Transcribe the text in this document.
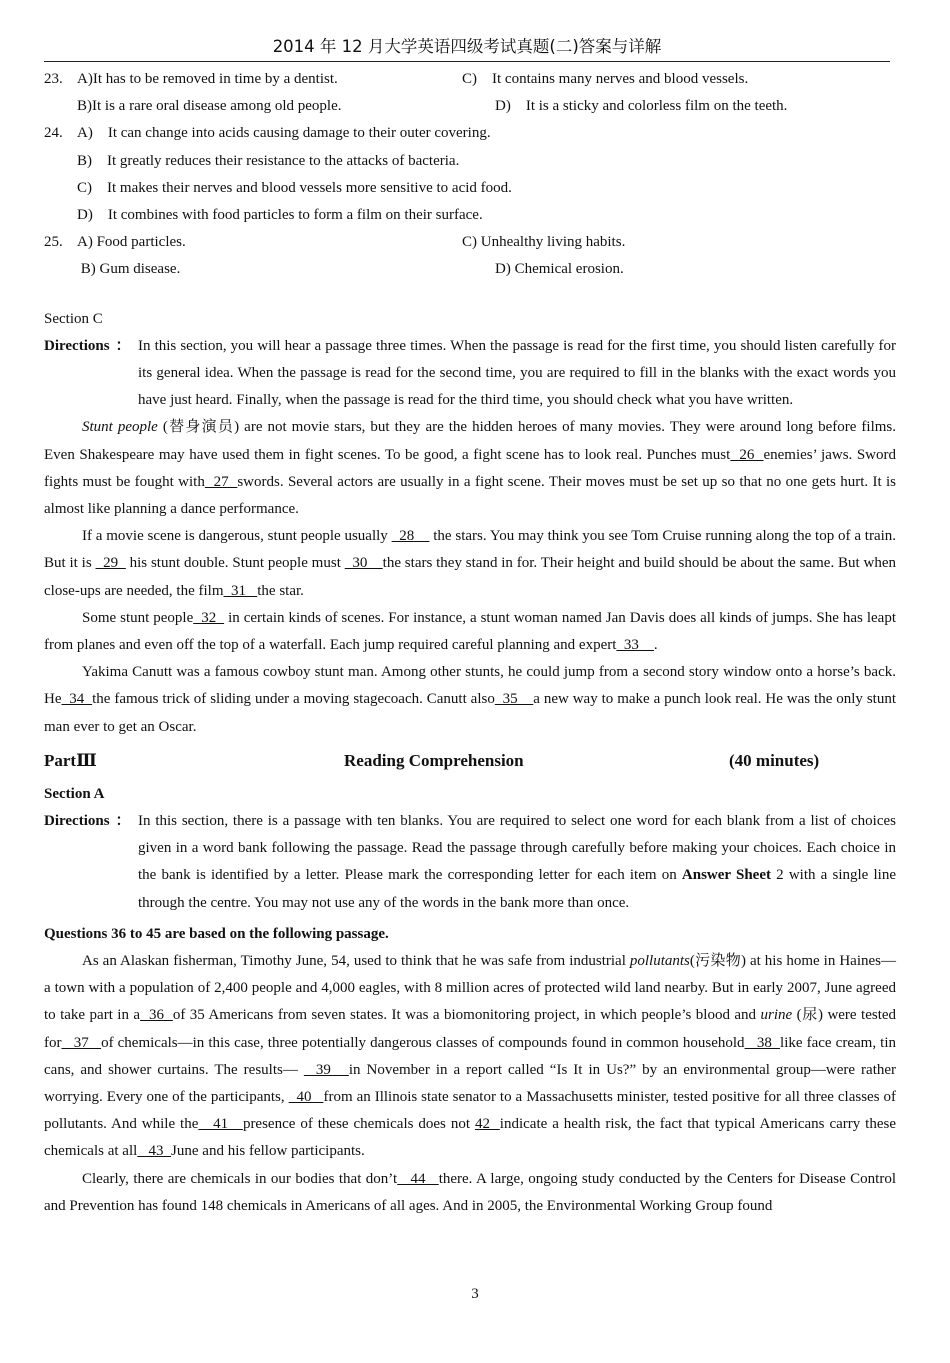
2014 年 12 月大学英语四级考试真题(二)答案与详解
23. A)It has to be removed in time by a dentist.	C)    It contains many nerves and blood vessels.
B)It is a rare oral disease among old people.	D)    It is a sticky and colorless film on the teeth.
24. A)    It can change into acids causing damage to their outer covering.
B)    It greatly reduces their resistance to the attacks of bacteria.
C)    It makes their nerves and blood vessels more sensitive to acid food.
D)    It combines with food particles to form a film on their surface.
25. A) Food particles.	C) Unhealthy living habits.
B) Gum disease.	D) Chemical erosion.
Section C
Directions ： In this section, you will hear a passage three times. When the passage is read for the first time, you should listen carefully for its general idea. When the passage is read for the second time, you are required to fill in the blanks with the exact words you have just heard. Finally, when the passage is read for the third time, you should check what you have written.

Stunt people (替身演员) are not movie stars, but they are the hidden heroes of many movies. They were around long before films. Even Shakespeare may have used them in fight scenes. To be good, a fight scene has to look real. Punches must  26  enemies’ jaws. Sword fights must be fought with  27  swords. Several actors are usually in a fight scene. Their moves must be set up so that no one gets hurt. It is almost like planning a dance performance.

If a movie scene is dangerous, stunt people usually   28     the stars. You may think you see Tom Cruise running along the top of a train. But it is   29   his stunt double. Stunt people must   30    the stars they stand in for. Their height and build should be about the same. But when close-ups are needed, the film  31   the star.

Some stunt people  32   in certain kinds of scenes. For instance, a stunt woman named Jan Davis does all kinds of jumps. She has leapt from planes and even off the top of a waterfall. Each jump required careful planning and expert  33    .

Yakima Canutt was a famous cowboy stunt man. Among other stunts, he could jump from a second story window onto a horse’s back. He  34  the famous trick of sliding under a moving stagecoach. Canutt also  35    a new way to make a punch look real. He was the only stunt man ever to get an Oscar.

PartⅢ	Reading Comprehension	(40 minutes)
Section A
Directions ： In this section, there is a passage with ten blanks. You are required to select one word for each blank from a list of choices given in a word bank following the passage. Read the passage through carefully before making your choices. Each choice in the bank is identified by a letter. Please mark the corresponding letter for each item on Answer Sheet 2 with a single line through the centre. You may not use any of the words in the bank more than once.
Questions 36 to 45 are based on the following passage.

As an Alaskan fisherman, Timothy June, 54, used to think that he was safe from industrial pollutants(污染物) at his home in Haines—a town with a population of 2,400 people and 4,000 eagles, with 8 million acres of protected wild land nearby. But in early 2007, June agreed to take part in a  36  of 35 Americans from seven states. It was a biomonitoring project, in which people’s blood and urine (尿) were tested for   37   of chemicals—in this case, three potentially dangerous classes of compounds found in common household   38  like face cream, tin cans, and shower curtains. The results—   39   in November in a report called “Is It in Us?” by an environmental group—were rather worrying. Every one of the participants,   40   from an Illinois state senator to a Massachusetts minister, tested positive for all three classes of pollutants. And while the   41   presence of these chemicals does not 42  indicate a health risk, the fact that typical Americans carry these chemicals at all   43  June and his fellow participants.

Clearly, there are chemicals in our bodies that don’t   44   there. A large, ongoing study conducted by the Centers for Disease Control and Prevention has found 148 chemicals in Americans of all ages. And in 2005, the Environmental Working Group found

3
